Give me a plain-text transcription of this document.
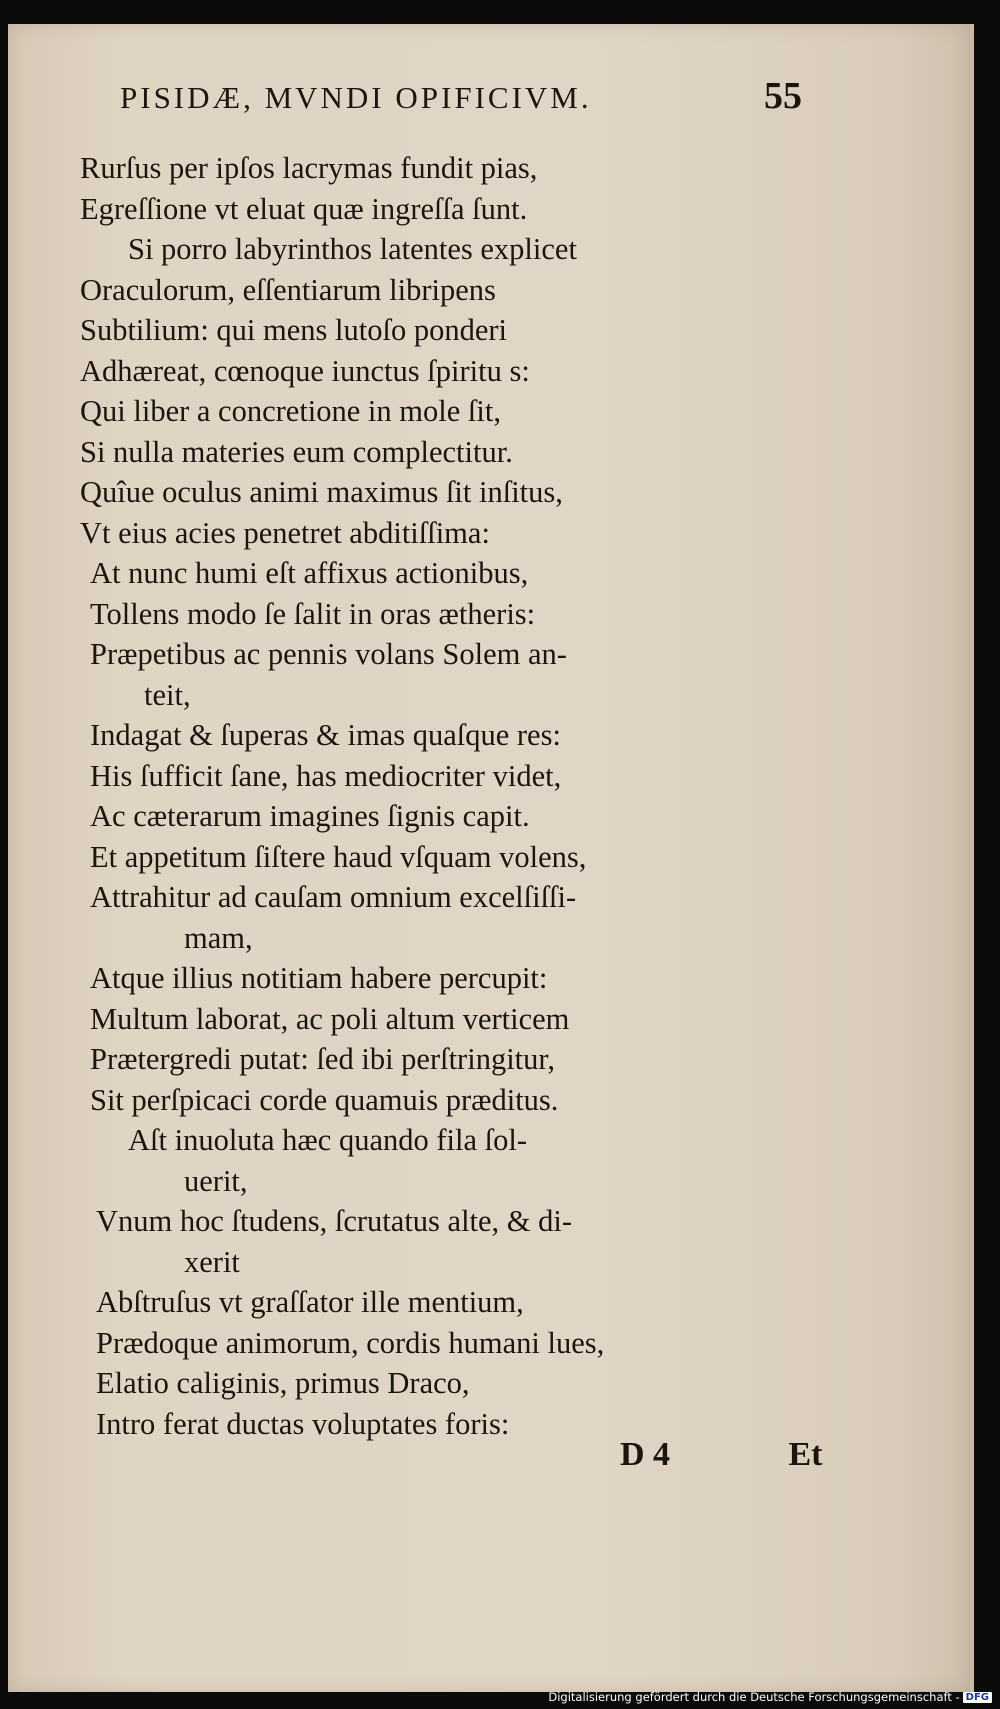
PISIDÆ, MVNDI OPIFICIVM.	55
Rurſus per ipſos lacrymas fundit pias,
Egreſſione vt eluat quæ ingreſſa ſunt.
Si porro labyrinthos latentes explicet
Oraculorum, eſſentiarum libripens
Subtilium: qui mens lutoſo ponderi
Adhæreat, cœnoque iunctus ſpiritu s:
Qui liber a concretione in mole ſit,
Si nulla materies eum complectitur.
Quîue oculus animi maximus ſit inſitus,
Vt eius acies penetret abditiſſima:
At nunc humi eſt affixus actionibus,
Tollens modo ſe ſalit in oras ætheris:
Præpetibus ac pennis volans Solem an-
teit,
Indagat & ſuperas & imas quaſque res:
His ſufficit ſane, has mediocriter videt,
Ac cæterarum imagines ſignis capit.
Et appetitum ſiſtere haud vſquam volens,
Attrahitur ad cauſam omnium excelſiſſi-
mam,
Atque illius notitiam habere percupit:
Multum laborat, ac poli altum verticem
Prætergredi putat: ſed ibi perſtringitur,
Sit perſpicaci corde quamuis præditus.
Aſt inuoluta hæc quando fila ſol-
uerit,
Vnum hoc ſtudens, ſcrutatus alte, & di-
xerit
Abſtruſus vt graſſator ille mentium,
Prædoque animorum, cordis humani lues,
Elatio caliginis, primus Draco,
Intro ferat ductas voluptates foris:
D 4	Et
Digitalisierung gefördert durch die Deutsche Forschungsgemeinschaft - DFG
